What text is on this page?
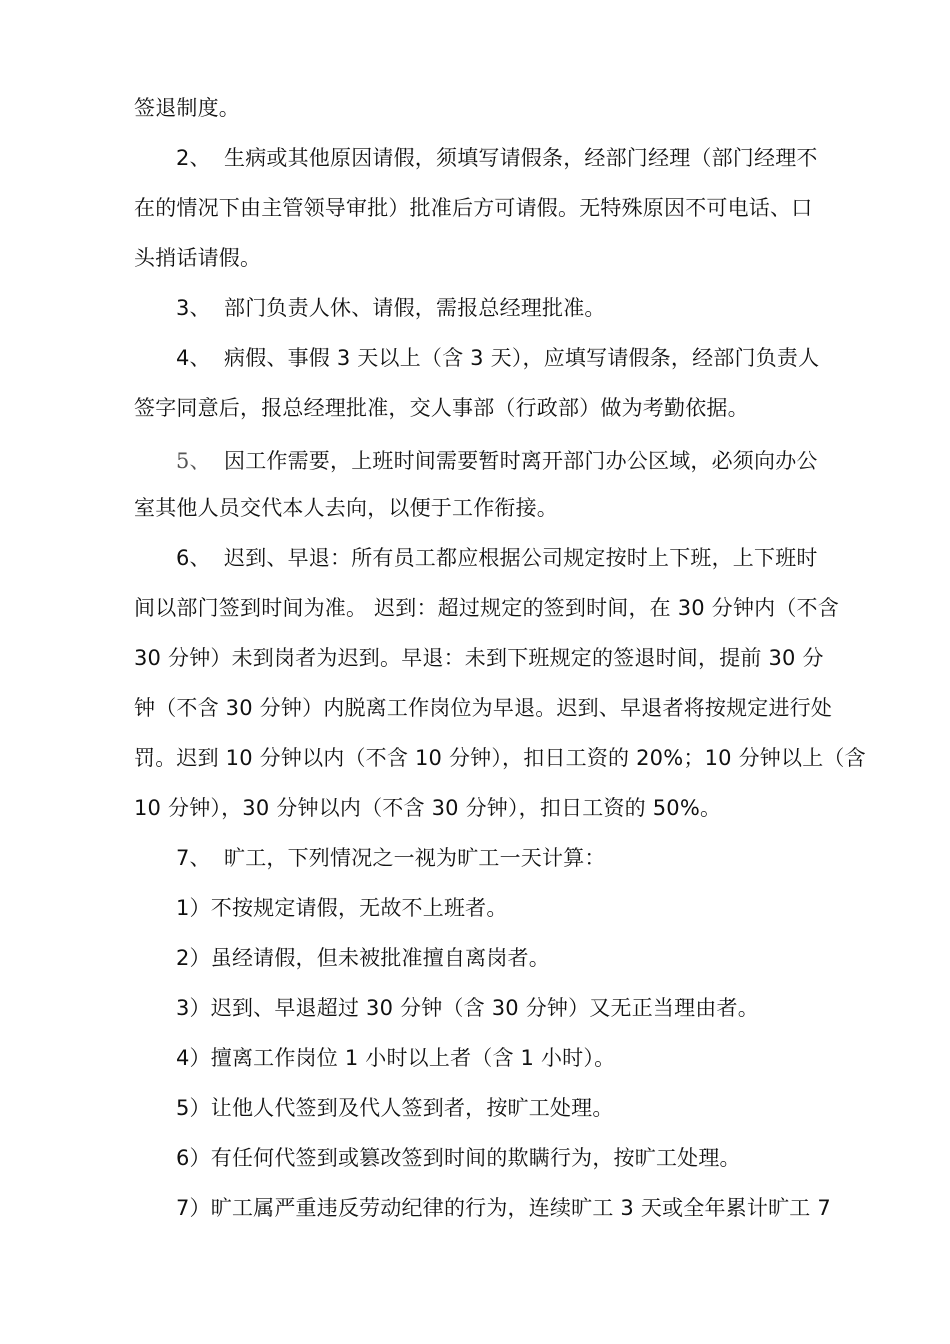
签退制度。
2、 生病或其他原因请假，须填写请假条，经部门经理（部门经理不
在的情况下由主管领导审批）批准后方可请假。无特殊原因不可电话、口
头捎话请假。
3、 部门负责人休、请假，需报总经理批准。
4、 病假、事假 3 天以上（含 3 天），应填写请假条，经部门负责人
签字同意后，报总经理批准，交人事部（行政部）做为考勤依据。
5、 因工作需要，上班时间需要暂时离开部门办公区域，必须向办公
室其他人员交代本人去向，以便于工作衔接。
6、 迟到、早退：所有员工都应根据公司规定按时上下班，上下班时
间以部门签到时间为准。 迟到：超过规定的签到时间，在 30 分钟内（不含
30 分钟）未到岗者为迟到。早退：未到下班规定的签退时间，提前 30 分
钟（不含 30 分钟）内脱离工作岗位为早退。迟到、早退者将按规定进行处
罚。迟到 10 分钟以内（不含 10 分钟），扣日工资的 20%；10 分钟以上（含
10 分钟），30 分钟以内（不含 30 分钟），扣日工资的 50%。
7、 旷工，下列情况之一视为旷工一天计算：
1）不按规定请假，无故不上班者。
2）虽经请假，但未被批准擅自离岗者。
3）迟到、早退超过 30 分钟（含 30 分钟）又无正当理由者。
4）擅离工作岗位 1 小时以上者（含 1 小时）。
5）让他人代签到及代人签到者，按旷工处理。
6）有任何代签到或篡改签到时间的欺瞒行为，按旷工处理。
7）旷工属严重违反劳动纪律的行为，连续旷工 3 天或全年累计旷工 7
